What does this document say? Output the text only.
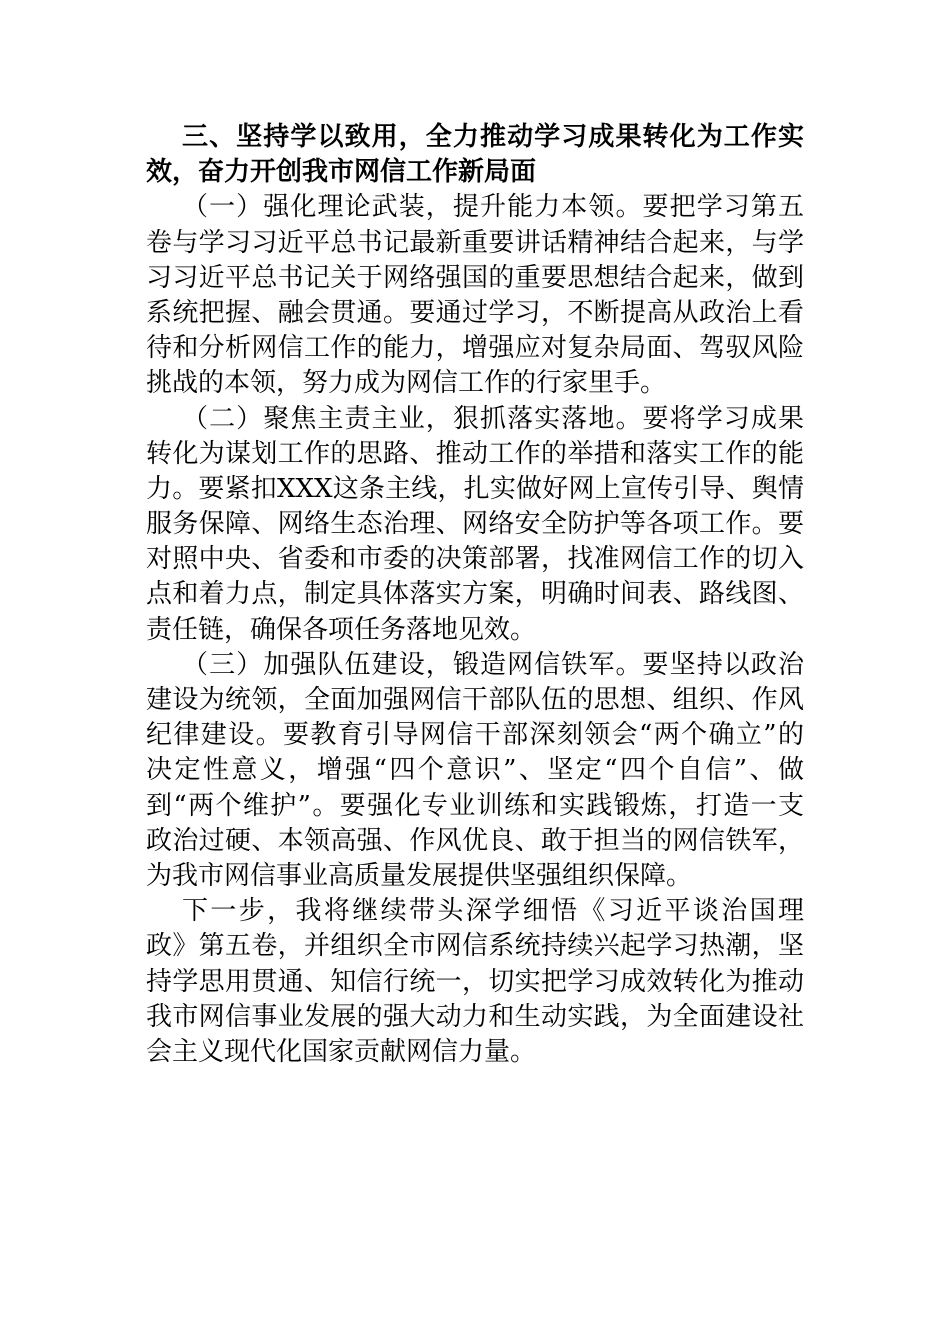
三、坚持学以致用，全力推动学习成果转化为工作实
效，奋力开创我市网信工作新局面
（一）强化理论武装，提升能力本领。要把学习第五
卷与学习习近平总书记最新重要讲话精神结合起来，与学
习习近平总书记关于网络强国的重要思想结合起来，做到
系统把握、融会贯通。要通过学习，不断提高从政治上看
待和分析网信工作的能力，增强应对复杂局面、驾驭风险
挑战的本领，努力成为网信工作的行家里手。
（二）聚焦主责主业，狠抓落实落地。要将学习成果
转化为谋划工作的思路、推动工作的举措和落实工作的能
力。要紧扣XXX这条主线，扎实做好网上宣传引导、舆情
服务保障、网络生态治理、网络安全防护等各项工作。要
对照中央、省委和市委的决策部署，找准网信工作的切入
点和着力点，制定具体落实方案，明确时间表、路线图、
责任链，确保各项任务落地见效。
（三）加强队伍建设，锻造网信铁军。要坚持以政治
建设为统领，全面加强网信干部队伍的思想、组织、作风
纪律建设。要教育引导网信干部深刻领会“两个确立”的
决定性意义，增强“四个意识”、坚定“四个自信”、做
到“两个维护”。要强化专业训练和实践锻炼，打造一支
政治过硬、本领高强、作风优良、敢于担当的网信铁军，
为我市网信事业高质量发展提供坚强组织保障。
下一步，我将继续带头深学细悟《习近平谈治国理
政》第五卷，并组织全市网信系统持续兴起学习热潮，坚
持学思用贯通、知信行统一，切实把学习成效转化为推动
我市网信事业发展的强大动力和生动实践，为全面建设社
会主义现代化国家贡献网信力量。
